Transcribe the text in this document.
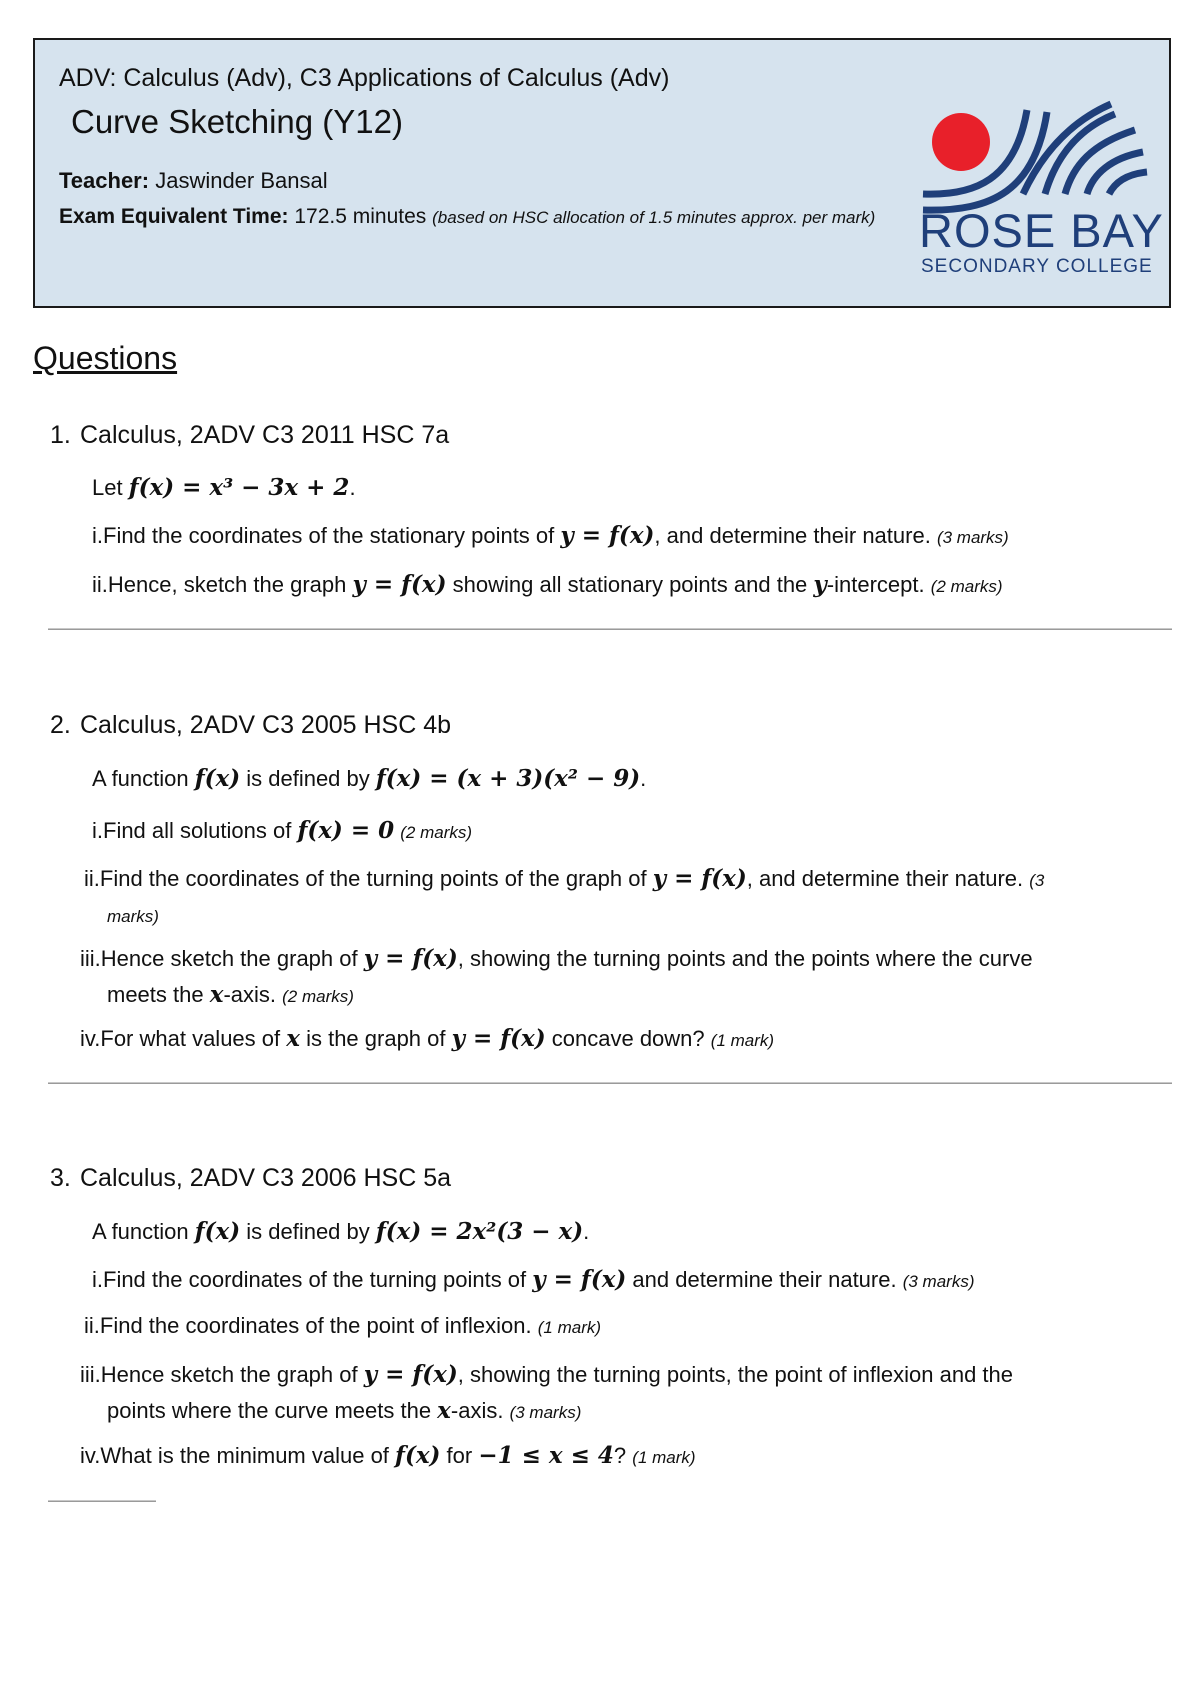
ADV: Calculus (Adv), C3 Applications of Calculus (Adv)
Curve Sketching (Y12)
Teacher: Jaswinder Bansal
Exam Equivalent Time: 172.5 minutes (based on HSC allocation of 1.5 minutes approx. per mark) ROSE BAY
SECONDARY COLLEGE
Questions
1. Calculus, 2ADV C3 2011 HSC 7a
Let f(x) = x³ − 3x + 2.
i.Find the coordinates of the stationary points of y = f(x), and determine their nature. (3 marks)
ii.Hence, sketch the graph y = f(x) showing all stationary points and the y-intercept. (2 marks)
2. Calculus, 2ADV C3 2005 HSC 4b
A function f(x) is defined by f(x) = (x + 3)(x² − 9).
i.Find all solutions of f(x) = 0 (2 marks)
ii.Find the coordinates of the turning points of the graph of y = f(x), and determine their nature. (3
marks)
iii.Hence sketch the graph of y = f(x), showing the turning points and the points where the curve
meets the x-axis. (2 marks)
iv.For what values of x is the graph of y = f(x) concave down? (1 mark)
3. Calculus, 2ADV C3 2006 HSC 5a
A function f(x) is defined by f(x) = 2x²(3 − x).
i.Find the coordinates of the turning points of y = f(x) and determine their nature. (3 marks)
ii.Find the coordinates of the point of inflexion. (1 mark)
iii.Hence sketch the graph of y = f(x), showing the turning points, the point of inflexion and the
points where the curve meets the x-axis. (3 marks)
iv.What is the minimum value of f(x) for −1 ≤ x ≤ 4? (1 mark)
